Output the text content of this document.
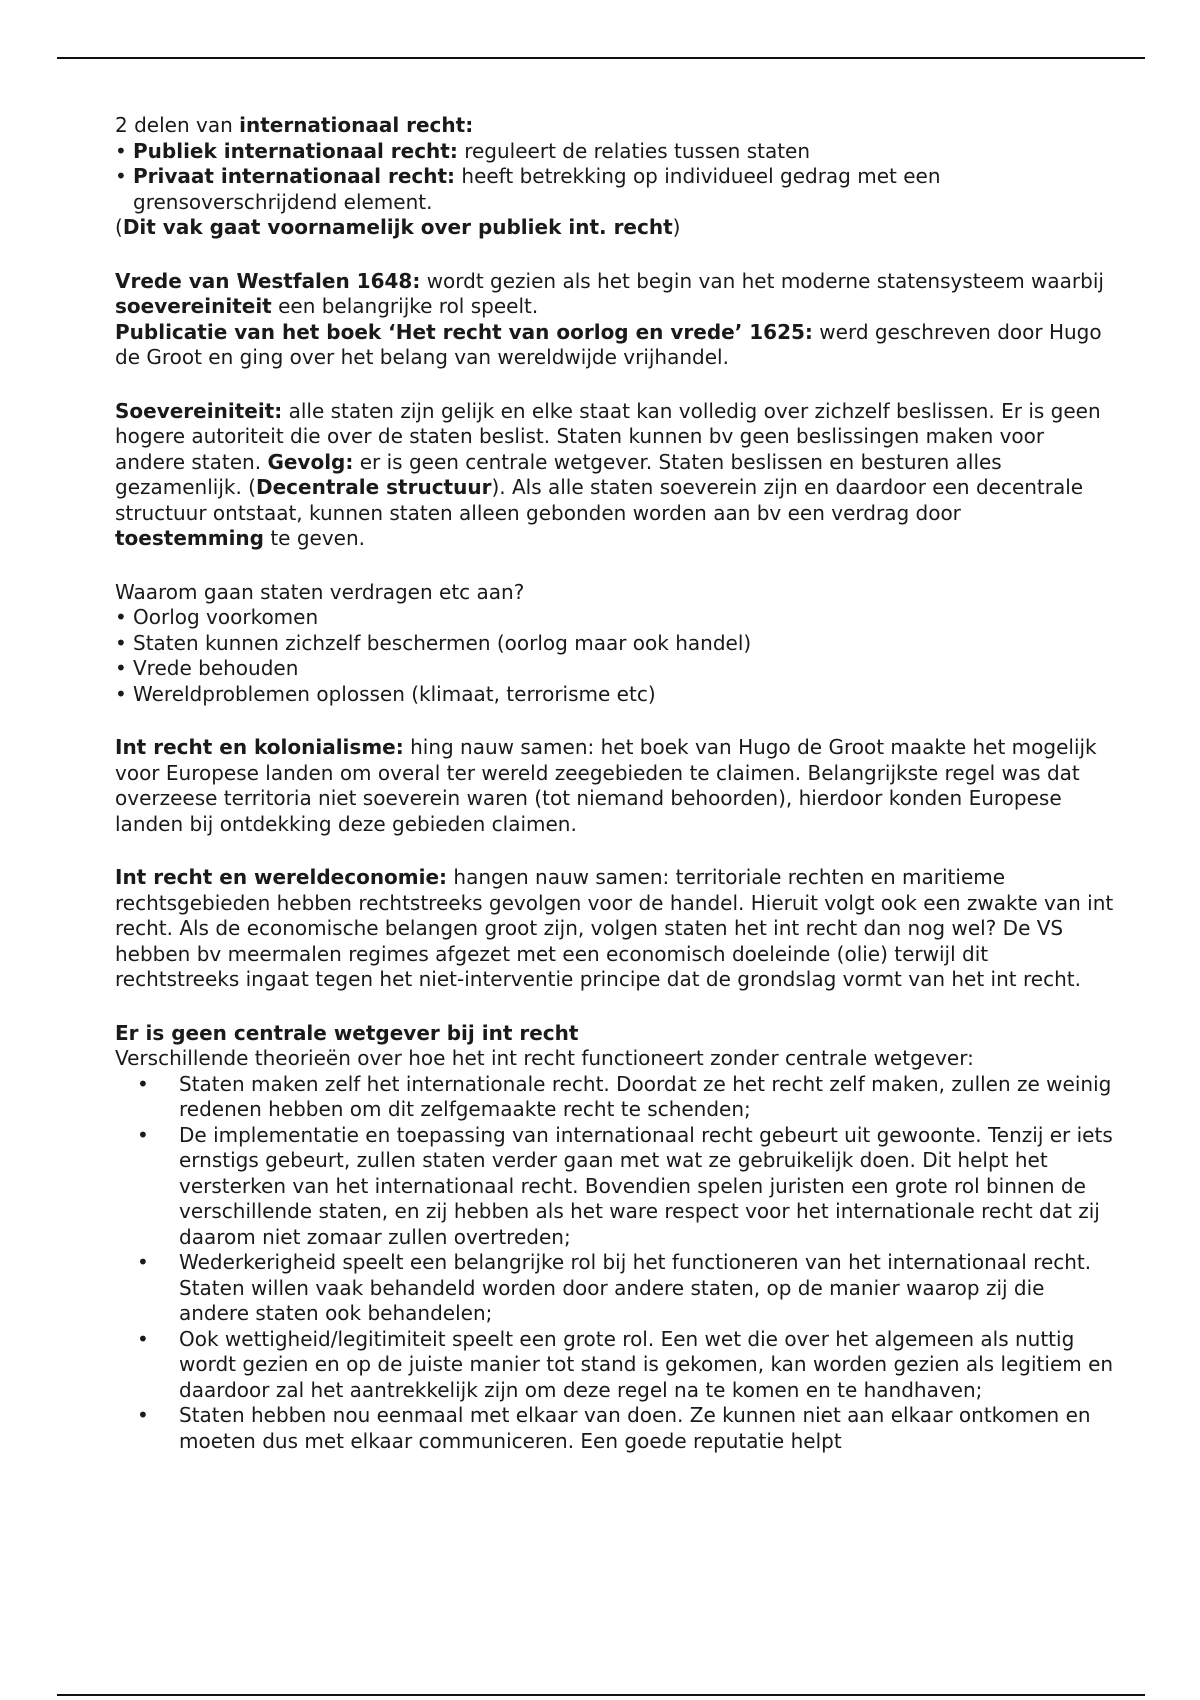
2 delen van internationaal recht:

• Publiek internationaal recht: reguleert de relaties tussen staten
• Privaat internationaal recht: heeft betrekking op individueel gedrag met een grensoverschrijdend element.

(Dit vak gaat voornamelijk over publiek int. recht)

Vrede van Westfalen 1648: wordt gezien als het begin van het moderne statensysteem waarbij soevereiniteit een belangrijke rol speelt.

Publicatie van het boek ‘Het recht van oorlog en vrede’ 1625: werd geschreven door Hugo de Groot en ging over het belang van wereldwijde vrijhandel.

Soevereiniteit: alle staten zijn gelijk en elke staat kan volledig over zichzelf beslissen. Er is geen hogere autoriteit die over de staten beslist. Staten kunnen bv geen beslissingen maken voor andere staten. Gevolg: er is geen centrale wetgever. Staten beslissen en besturen alles gezamenlijk. (Decentrale structuur). Als alle staten soeverein zijn en daardoor een decentrale structuur ontstaat, kunnen staten alleen gebonden worden aan bv een verdrag door toestemming te geven.

Waarom gaan staten verdragen etc aan?

• Oorlog voorkomen
• Staten kunnen zichzelf beschermen (oorlog maar ook handel)
• Vrede behouden
• Wereldproblemen oplossen (klimaat, terrorisme etc)

Int recht en kolonialisme: hing nauw samen: het boek van Hugo de Groot maakte het mogelijk voor Europese landen om overal ter wereld zeegebieden te claimen. Belangrijkste regel was dat overzeese territoria niet soeverein waren (tot niemand behoorden), hierdoor konden Europese landen bij ontdekking deze gebieden claimen.

Int recht en wereldeconomie: hangen nauw samen: territoriale rechten en maritieme rechtsgebieden hebben rechtstreeks gevolgen voor de handel. Hieruit volgt ook een zwakte van int recht. Als de economische belangen groot zijn, volgen staten het int recht dan nog wel? De VS hebben bv meermalen regimes afgezet met een economisch doeleinde (olie) terwijl dit rechtstreeks ingaat tegen het niet-interventie principe dat de grondslag vormt van het int recht.

Er is geen centrale wetgever bij int recht

Verschillende theorieën over hoe het int recht functioneert zonder centrale wetgever:

• Staten maken zelf het internationale recht. Doordat ze het recht zelf maken, zullen ze weinig redenen hebben om dit zelfgemaakte recht te schenden;
• De implementatie en toepassing van internationaal recht gebeurt uit gewoonte. Tenzij er iets ernstigs gebeurt, zullen staten verder gaan met wat ze gebruikelijk doen. Dit helpt het versterken van het internationaal recht. Bovendien spelen juristen een grote rol binnen de verschillende staten, en zij hebben als het ware respect voor het internationale recht dat zij daarom niet zomaar zullen overtreden;
• Wederkerigheid speelt een belangrijke rol bij het functioneren van het internationaal recht. Staten willen vaak behandeld worden door andere staten, op de manier waarop zij die andere staten ook behandelen;
• Ook wettigheid/legitimiteit speelt een grote rol. Een wet die over het algemeen als nuttig wordt gezien en op de juiste manier tot stand is gekomen, kan worden gezien als legitiem en daardoor zal het aantrekkelijk zijn om deze regel na te komen en te handhaven;
• Staten hebben nou eenmaal met elkaar van doen. Ze kunnen niet aan elkaar ontkomen en moeten dus met elkaar communiceren. Een goede reputatie helpt
